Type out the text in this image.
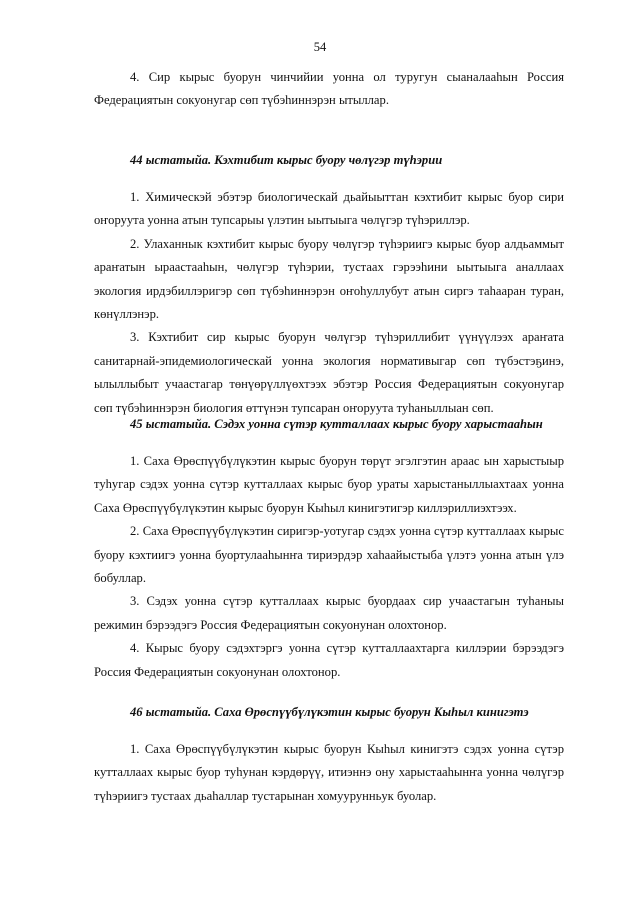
54

4. Сир кырыс буорун чинчийии уонна ол туругун сыаналааһын Россия Федерациятын сокуонугар сөп түбэһиннэрэн ытыллар.

44 ыстатыйа. Кэхтибит кырыс буору чөлүгэр түһэрии

1. Химическэй эбэтэр биологическай дьайыыттан кэхтибит кырыс буор сири оҥоруута уонна атын тупсарыы үлэтин ыытыыга чөлүгэр түһэриллэр.

2. Улаханнык кэхтибит кырыс буору чөлүгэр түһэриигэ кырыс буор алдьаммыт араҥатын ыраастааһын, чөлүгэр түһэрии, тустаах гэрээһини ыытыыга аналлаах экология ирдэбиллэригэр сөп түбэһиннэрэн оҥоһуллубут атын сиргэ таһааран туран, көнүллэнэр.

3. Кэхтибит сир кырыс буорун чөлүгэр түһэриллибит үүнүүлээх араҥата санитарнай-эпидемиологическай уонна экология нормативыгар сөп түбэстэҕинэ, ылыллыбыт учаастагар төнүөрүллүөхтээх эбэтэр Россия Федерациятын сокуонугар сөп түбэһиннэрэн биология өттүнэн тупсаран оҥоруута туһаныллыан сөп.

45 ыстатыйа. Сэдэх уонна сүтэр кутталлаах кырыс буору харыстааһын

1. Саха Өрөспүүбүлүкэтин кырыс буорун төрүт эгэлгэтин араас ын харыстыыр туһугар сэдэх уонна сүтэр кутталлаах кырыс буор ураты харыстаныллыахтаах уонна Саха Өрөспүүбүлүкэтин кырыс буорун Кыһыл кинигэтигэр киллэриллиэхтээх.

2. Саха Өрөспүүбүлүкэтин сиригэр-уотугар сэдэх уонна сүтэр кутталлаах кырыс буору кэхтиигэ уонна буортулааһынҥа тириэрдэр хаһаайыстыба үлэтэ уонна атын үлэ бобуллар.

3. Сэдэх уонна сүтэр кутталлаах кырыс буордаах сир учаастагын туһаныы режимин бэрээдэгэ Россия Федерациятын сокуонунан олохтонор.

4. Кырыс буору сэдэхтэргэ уонна сүтэр кутталлаахтарга киллэрии бэрээдэгэ Россия Федерациятын сокуонунан олохтонор.

46 ыстатыйа. Саха Өрөспүүбүлүкэтин кырыс буорун Кыһыл кинигэтэ

1. Саха Өрөспүүбүлүкэтин кырыс буорун Кыһыл кинигэтэ сэдэх уонна сүтэр кутталлаах кырыс буор туһунан кэрдөрүү, итиэннэ ону харыстааһынҥа уонна чөлүгэр түһэриигэ тустаах дьаһаллар тустарынан хомуурунньук буолар.
